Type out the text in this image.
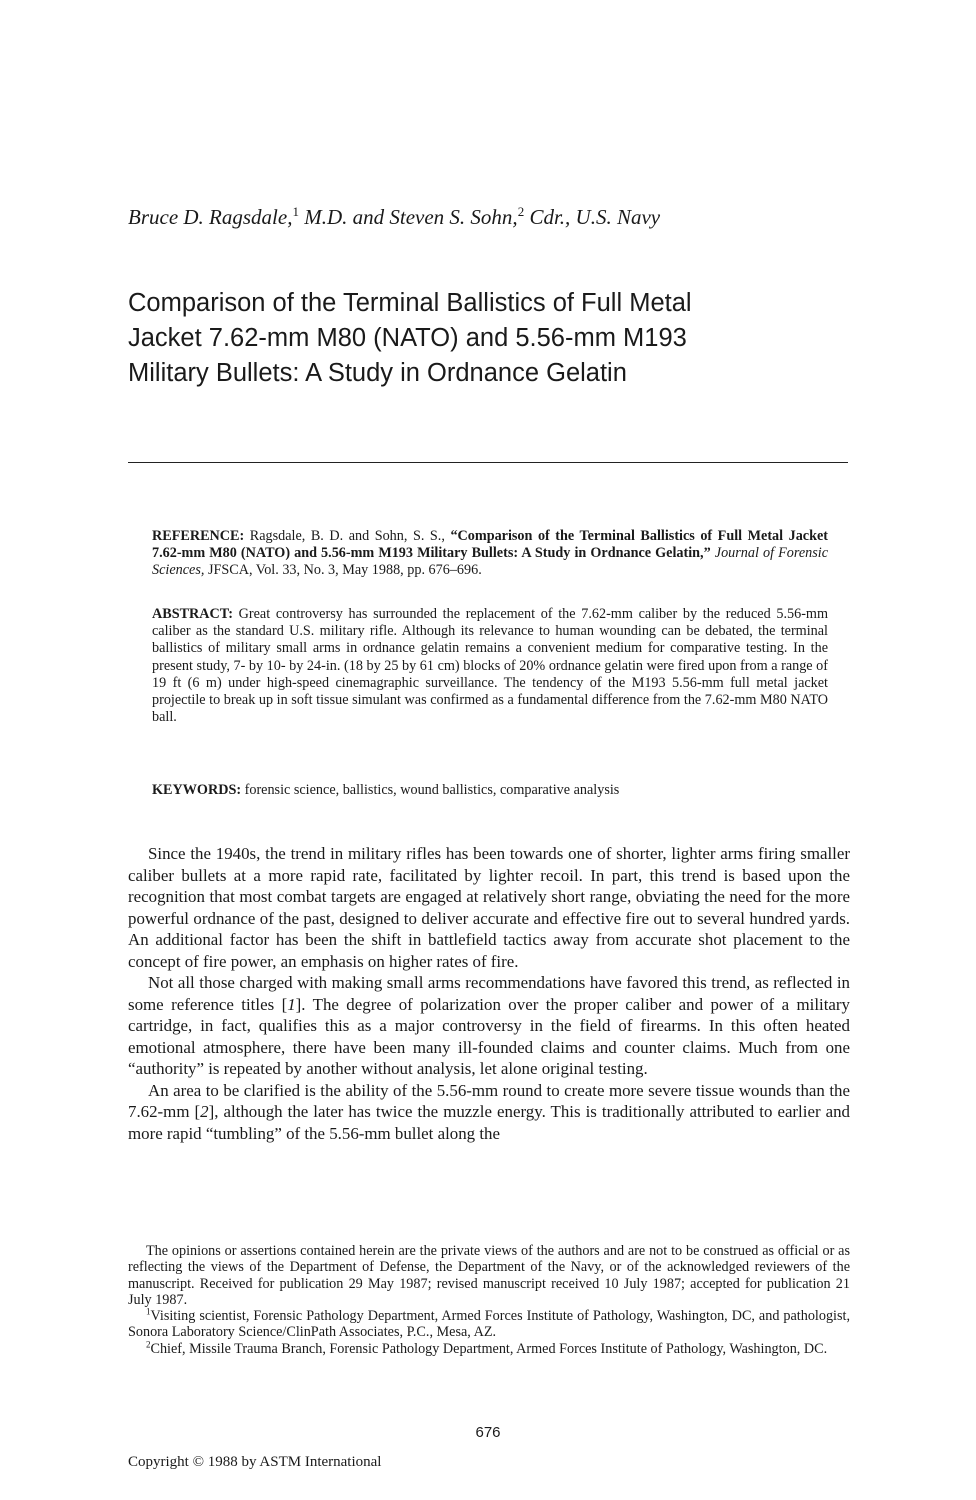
Bruce D. Ragsdale,$^1$ M.D. and Steven S. Sohn,$^2$ Cdr., U.S. Navy
Comparison of the Terminal Ballistics of Full Metal
Jacket 7.62-mm M80 (NATO) and 5.56-mm M193
Military Bullets: A Study in Ordnance Gelatin
REFERENCE: Ragsdale, B. D. and Sohn, S. S., “Comparison of the Terminal Ballistics of Full Metal Jacket 7.62-mm M80 (NATO) and 5.56-mm M193 Military Bullets: A Study in Ordnance Gelatin,” Journal of Forensic Sciences, JFSCA, Vol. 33, No. 3, May 1988, pp. 676–696.
ABSTRACT: Great controversy has surrounded the replacement of the 7.62-mm caliber by the reduced 5.56-mm caliber as the standard U.S. military rifle. Although its relevance to human wounding can be debated, the terminal ballistics of military small arms in ordnance gelatin remains a convenient medium for comparative testing. In the present study, 7- by 10- by 24-in. (18 by 25 by 61 cm) blocks of 20% ordnance gelatin were fired upon from a range of 19 ft (6 m) under high-speed cinemagraphic surveillance. The tendency of the M193 5.56-mm full metal jacket projectile to break up in soft tissue simulant was confirmed as a fundamental difference from the 7.62-mm M80 NATO ball.
KEYWORDS: forensic science, ballistics, wound ballistics, comparative analysis

Since the 1940s, the trend in military rifles has been towards one of shorter, lighter arms firing smaller caliber bullets at a more rapid rate, facilitated by lighter recoil. In part, this trend is based upon the recognition that most combat targets are engaged at relatively short range, obviating the need for the more powerful ordnance of the past, designed to deliver accurate and effective fire out to several hundred yards. An additional factor has been the shift in battlefield tactics away from accurate shot placement to the concept of fire power, an emphasis on higher rates of fire.

Not all those charged with making small arms recommendations have favored this trend, as reflected in some reference titles [1]. The degree of polarization over the proper caliber and power of a military cartridge, in fact, qualifies this as a major controversy in the field of firearms. In this often heated emotional atmosphere, there have been many ill-founded claims and counter claims. Much from one “authority” is repeated by another without analysis, let alone original testing.

An area to be clarified is the ability of the 5.56-mm round to create more severe tissue wounds than the 7.62-mm [2], although the later has twice the muzzle energy. This is traditionally attributed to earlier and more rapid “tumbling” of the 5.56-mm bullet along the

The opinions or assertions contained herein are the private views of the authors and are not to be construed as official or as reflecting the views of the Department of Defense, the Department of the Navy, or of the acknowledged reviewers of the manuscript. Received for publication 29 May 1987; revised manuscript received 10 July 1987; accepted for publication 21 July 1987.

$^1$Visiting scientist, Forensic Pathology Department, Armed Forces Institute of Pathology, Washington, DC, and pathologist, Sonora Laboratory Science/ClinPath Associates, P.C., Mesa, AZ.

$^2$Chief, Missile Trauma Branch, Forensic Pathology Department, Armed Forces Institute of Pathology, Washington, DC.

676
Copyright © 1988 by ASTM International
